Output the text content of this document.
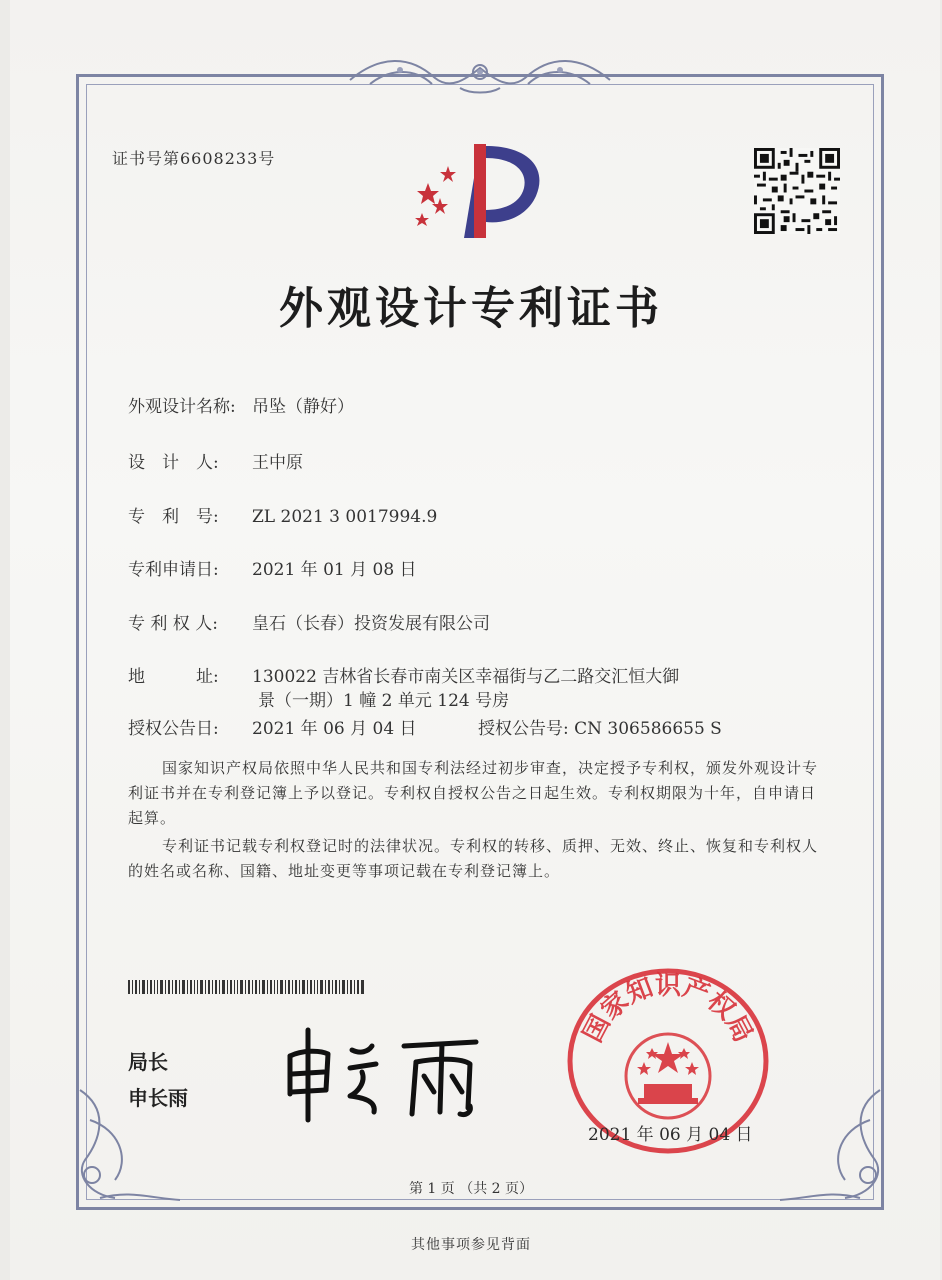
证书号第6608233号
外观设计专利证书
外观设计名称: 吊坠（静好）
设　计　人: 王中原
专　利　号: ZL 2021 3 0017994.9
专利申请日: 2021 年 01 月 08 日
专 利 权 人: 皇石（长春）投资发展有限公司
地　　　址: 130022 吉林省长春市南关区幸福街与乙二路交汇恒大御
景（一期）1 幢 2 单元 124 号房
授权公告日: 2021 年 06 月 04 日	授权公告号: CN 306586655 S
国家知识产权局依照中华人民共和国专利法经过初步审查，决定授予专利权，颁发外观设计专利证书并在专利登记簿上予以登记。专利权自授权公告之日起生效。专利权期限为十年，自申请日起算。
专利证书记载专利权登记时的法律状况。专利权的转移、质押、无效、终止、恢复和专利权人的姓名或名称、国籍、地址变更等事项记载在专利登记簿上。
局长
申长雨
国家知识产权局
2021 年 06 月 04 日
第 1 页 （共 2 页）
其他事项参见背面
